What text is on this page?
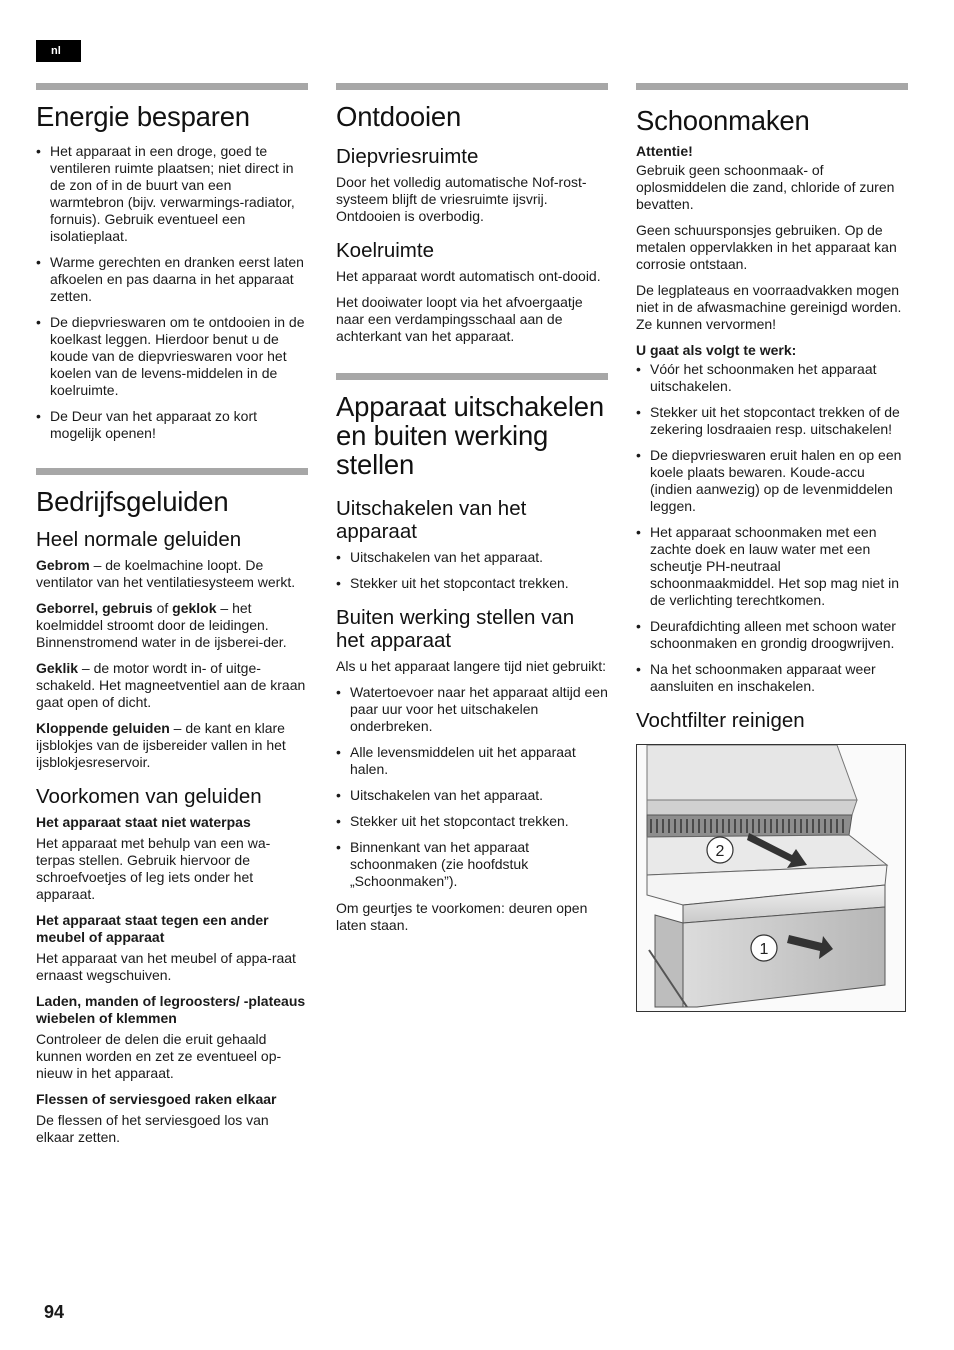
nl
Energie besparen
• Het apparaat in een droge, goed te ventileren ruimte plaatsen; niet direct in de zon of in de buurt van een warmtebron (bijv. verwarmings-radiator, fornuis). Gebruik eventueel een isolatieplaat.
• Warme gerechten en dranken eerst laten afkoelen en pas daarna in het apparaat zetten.
• De diepvrieswaren om te ontdooien in de koelkast leggen. Hierdoor benut u de koude van de diepvrieswaren voor het koelen van de levens-middelen in de koelruimte.
• De Deur van het apparaat zo kort mogelijk openen!
Bedrijfsgeluiden
Heel normale geluiden

Gebrom – de koelmachine loopt. De ventilator van het ventilatiesysteem werkt.

Geborrel, gebruis of geklok – het koelmiddel stroomt door de leidingen. Binnenstromend water in de ijsberei-der.

Geklik – de motor wordt in- of uitge-schakeld. Het magneetventiel aan de kraan gaat open of dicht.

Kloppende geluiden – de kant en klare ijsblokjes van de ijsbereider vallen in het ijsblokjesreservoir.

Voorkomen van geluiden
Het apparaat staat niet waterpas

Het apparaat met behulp van een wa-terpas stellen. Gebruik hiervoor de schroefvoetjes of leg iets onder het apparaat.

Het apparaat staat tegen een ander meubel of apparaat

Het apparaat van het meubel of appa-raat ernaast wegschuiven.

Laden, manden of legroosters/ -plateaus wiebelen of klemmen

Controleer de delen die eruit gehaald kunnen worden en zet ze eventueel op-nieuw in het apparaat.

Flessen of serviesgoed raken elkaar

De flessen of het serviesgoed los van elkaar zetten.

Ontdooien
Diepvriesruimte

Door het volledig automatische Nof-rost-systeem blijft de vriesruimte ijsvrij. Ontdooien is overbodig.

Koelruimte

Het apparaat wordt automatisch ont-dooid.

Het dooiwater loopt via het afvoergaatje naar een verdampingsschaal aan de achterkant van het apparaat.

Apparaat uitschakelen en buiten werking stellen
Uitschakelen van het apparaat
• Uitschakelen van het apparaat.
• Stekker uit het stopcontact trekken.
Buiten werking stellen van het apparaat

Als u het apparaat langere tijd niet gebruikt:

• Watertoevoer naar het apparaat altijd een paar uur voor het uitschakelen onderbreken.
• Alle levensmiddelen uit het apparaat halen.
• Uitschakelen van het apparaat.
• Stekker uit het stopcontact trekken.
• Binnenkant van het apparaat schoonmaken (zie hoofdstuk „Schoonmaken”).

Om geurtjes te voorkomen: deuren open laten staan.

Schoonmaken
Attentie!

Gebruik geen schoonmaak- of oplosmiddelen die zand, chloride of zuren bevatten.

Geen schuursponsjes gebruiken. Op de metalen oppervlakken in het apparaat kan corrosie ontstaan.

De legplateaus en voorraadvakken mogen niet in de afwasmachine gereinigd worden. Ze kunnen vervormen!

U gaat als volgt te werk:
• Vóór het schoonmaken het apparaat uitschakelen.
• Stekker uit het stopcontact trekken of de zekering losdraaien resp. uitschakelen!
• De diepvrieswaren eruit halen en op een koele plaats bewaren. Koude-accu (indien aanwezig) op de levenmiddelen leggen.
• Het apparaat schoonmaken met een zachte doek en lauw water met een scheutje PH-neutraal schoonmaakmiddel. Het sop mag niet in de verlichting terechtkomen.
• Deurafdichting alleen met schoon water schoonmaken en grondig droogwrijven.
• Na het schoonmaken apparaat weer aansluiten en inschakelen.
Vochtfilter reinigen
2
1
94
